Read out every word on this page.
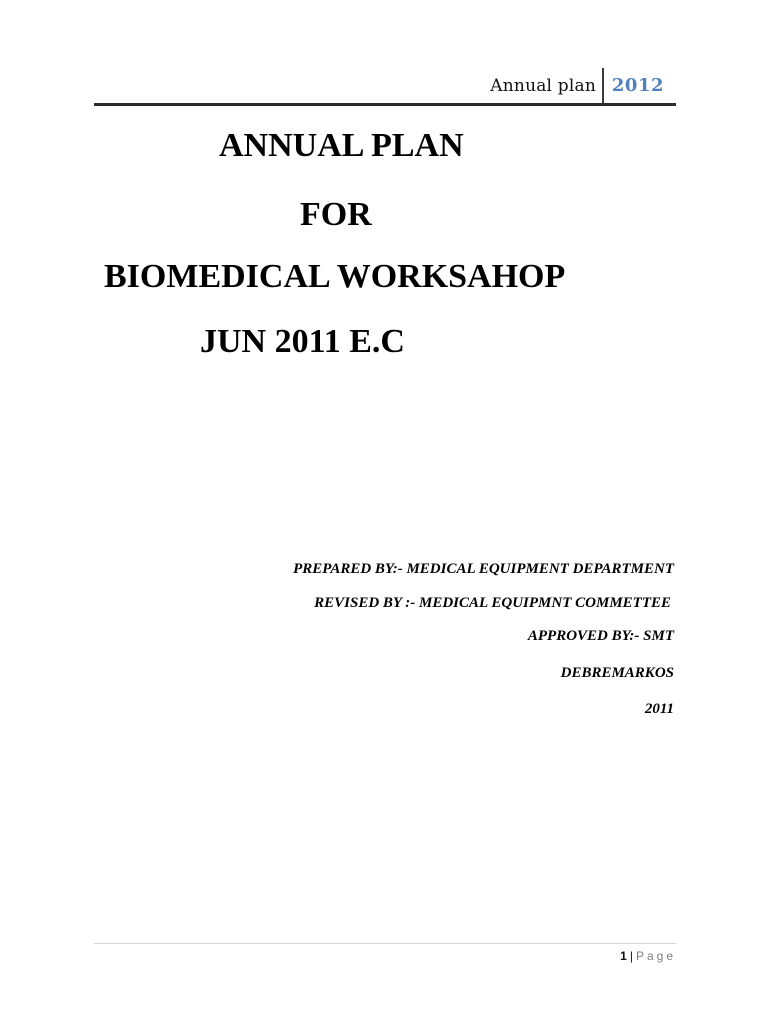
Annual plan 2012
ANNUAL PLAN
FOR
BIOMEDICAL WORKSAHOP
JUN 2011 E.C
PREPARED BY:- MEDICAL EQUIPMENT DEPARTMENT
REVISED BY :- MEDICAL EQUIPMNT COMMETTEE
APPROVED BY:- SMT
DEBREMARKOS
2011
1 | Page
